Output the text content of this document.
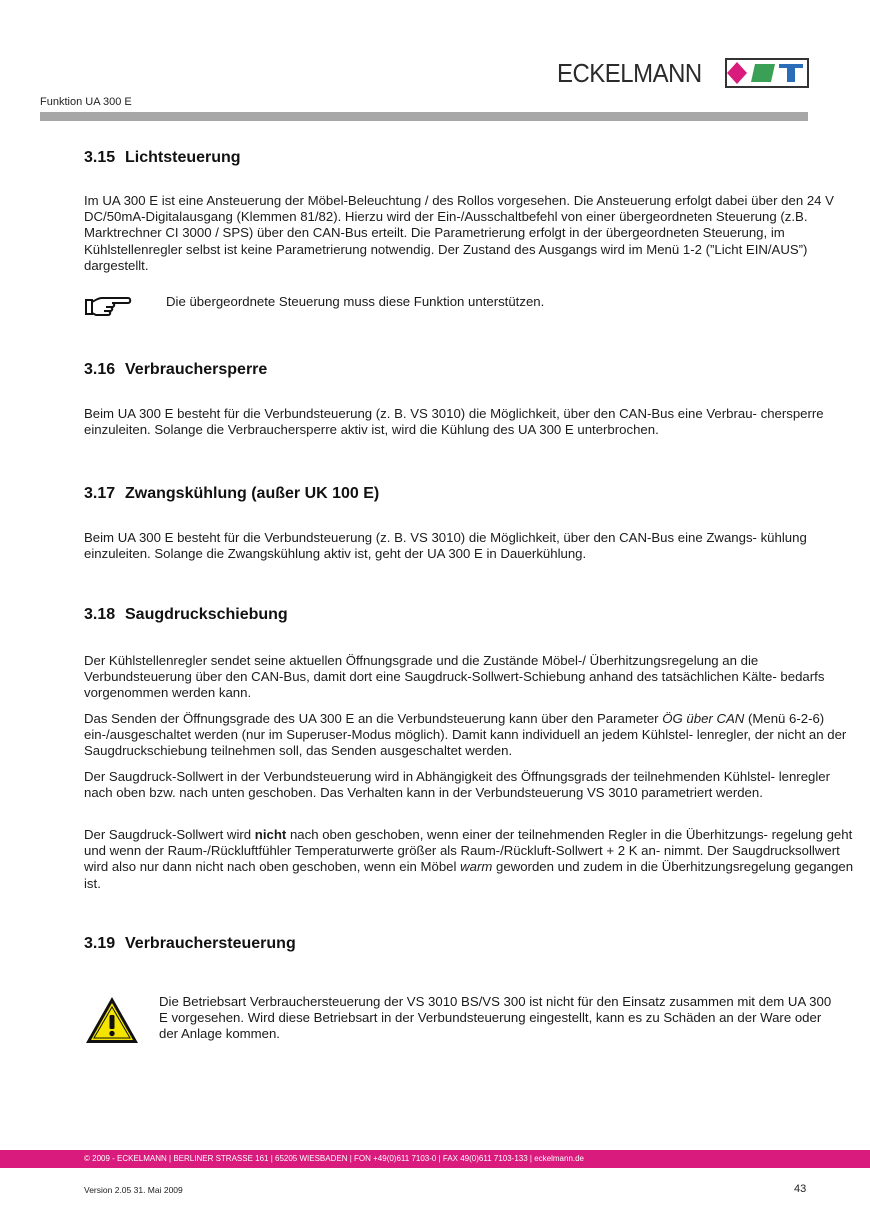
Funktion UA 300 E
ECKELMANN
3.15 Lichtsteuerung

Im UA 300 E ist eine Ansteuerung der Möbel-Beleuchtung / des Rollos vorgesehen. Die Ansteuerung erfolgt dabei über den 24 V DC/50mA-Digitalausgang (Klemmen 81/82). Hierzu wird der Ein-/Ausschaltbefehl von einer übergeordneten Steuerung (z.B. Marktrechner CI 3000 / SPS) über den CAN-Bus erteilt. Die Parametrierung erfolgt in der übergeordneten Steuerung, im Kühlstellenregler selbst ist keine Parametrierung notwendig. Der Zustand des Ausgangs wird im Menü 1-2 (”Licht EIN/AUS”) dargestellt.

Die übergeordnete Steuerung muss diese Funktion unterstützen.
3.16 Verbrauchersperre

Beim UA 300 E besteht für die Verbundsteuerung (z. B. VS 3010) die Möglichkeit, über den CAN-Bus eine Verbrau- chersperre einzuleiten. Solange die Verbrauchersperre aktiv ist, wird die Kühlung des UA 300 E unterbrochen.

3.17 Zwangskühlung (außer UK 100 E)

Beim UA 300 E besteht für die Verbundsteuerung (z. B. VS 3010) die Möglichkeit, über den CAN-Bus eine Zwangs- kühlung einzuleiten. Solange die Zwangskühlung aktiv ist, geht der UA 300 E in Dauerkühlung.

3.18 Saugdruckschiebung

Der Kühlstellenregler sendet seine aktuellen Öffnungsgrade und die Zustände Möbel-/ Überhitzungsregelung an die Verbundsteuerung über den CAN-Bus, damit dort eine Saugdruck-Sollwert-Schiebung anhand des tatsächlichen Kälte- bedarfs vorgenommen werden kann.

Das Senden der Öffnungsgrade des UA 300 E an die Verbundsteuerung kann über den Parameter ÖG über CAN (Menü 6-2-6) ein-/ausgeschaltet werden (nur im Superuser-Modus möglich). Damit kann individuell an jedem Kühlstel- lenregler, der nicht an der Saugdruckschiebung teilnehmen soll, das Senden ausgeschaltet werden.

Der Saugdruck-Sollwert in der Verbundsteuerung wird in Abhängigkeit des Öffnungsgrads der teilnehmenden Kühlstel- lenregler nach oben bzw. nach unten geschoben. Das Verhalten kann in der Verbundsteuerung VS 3010 parametriert werden.

Der Saugdruck-Sollwert wird nicht nach oben geschoben, wenn einer der teilnehmenden Regler in die Überhitzungs- regelung geht und wenn der Raum-/Rückluftfühler Temperaturwerte größer als Raum-/Rückluft-Sollwert + 2 K an- nimmt. Der Saugdrucksollwert wird also nur dann nicht nach oben geschoben, wenn ein Möbel warm geworden und zudem in die Überhitzungsregelung gegangen ist.

3.19 Verbrauchersteuerung
Die Betriebsart Verbrauchersteuerung der VS 3010 BS/VS 300 ist nicht für den Einsatz zusammen mit dem UA 300 E vorgesehen. Wird diese Betriebsart in der Verbundsteuerung eingestellt, kann es zu Schäden an der Ware oder der Anlage kommen.
© 2009 - ECKELMANN | BERLINER STRASSE 161 | 65205 WIESBADEN | FON +49(0)611 7103-0 | FAX 49(0)611 7103-133 | eckelmann.de
Version 2.05 31. Mai 2009	43
